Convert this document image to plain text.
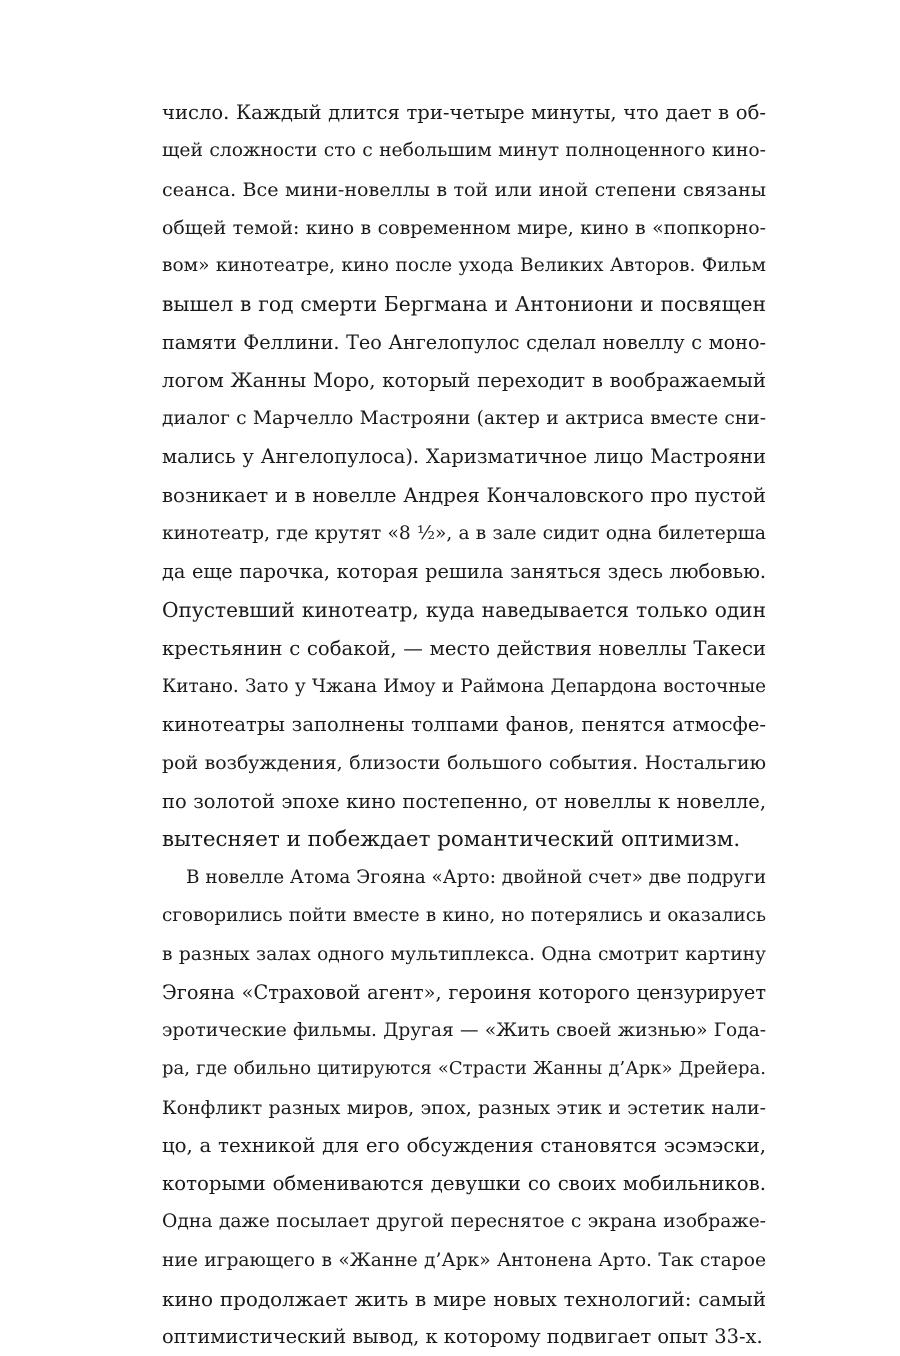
число. Каждый длится три-четыре минуты, что дает в об-
щей сложности сто с небольшим минут полноценного кино-
сеанса. Все мини-новеллы в той или иной степени связаны
общей темой: кино в современном мире, кино в «попкорно-
вом» кинотеатре, кино после ухода Великих Авторов. Фильм
вышел в год смерти Бергмана и Антониони и посвящен
памяти Феллини. Тео Ангелопулос сделал новеллу с моно-
логом Жанны Моро, который переходит в воображаемый
диалог с Марчелло Мастрояни (актер и актриса вместе сни-
мались у Ангелопулоса). Харизматичное лицо Мастрояни
возникает и в новелле Андрея Кончаловского про пустой
кинотеатр, где крутят «8 ½», а в зале сидит одна билетерша
да еще парочка, которая решила заняться здесь любовью.
Опустевший кинотеатр, куда наведывается только один
крестьянин с собакой, — место действия новеллы Такеси
Китано. Зато у Чжана Имоу и Раймона Депардона восточные
кинотеатры заполнены толпами фанов, пенятся атмосфе-
рой возбуждения, близости большого события. Ностальгию
по золотой эпохе кино постепенно, от новеллы к новелле,
вытесняет и побеждает романтический оптимизм.
В новелле Атома Эгояна «Арто: двойной счет» две подруги
сговорились пойти вместе в кино, но потерялись и оказались
в разных залах одного мультиплекса. Одна смотрит картину
Эгояна «Страховой агент», героиня которого цензурирует
эротические фильмы. Другая — «Жить своей жизнью» Года-
ра, где обильно цитируются «Страсти Жанны д’Арк» Дрейера.
Конфликт разных миров, эпох, разных этик и эстетик нали-
цо, а техникой для его обсуждения становятся эсэмэски,
которыми обмениваются девушки со своих мобильников.
Одна даже посылает другой переснятое с экрана изображе-
ние играющего в «Жанне д’Арк» Антонена Арто. Так старое
кино продолжает жить в мире новых технологий: самый
оптимистический вывод, к которому подвигает опыт 33-х.
